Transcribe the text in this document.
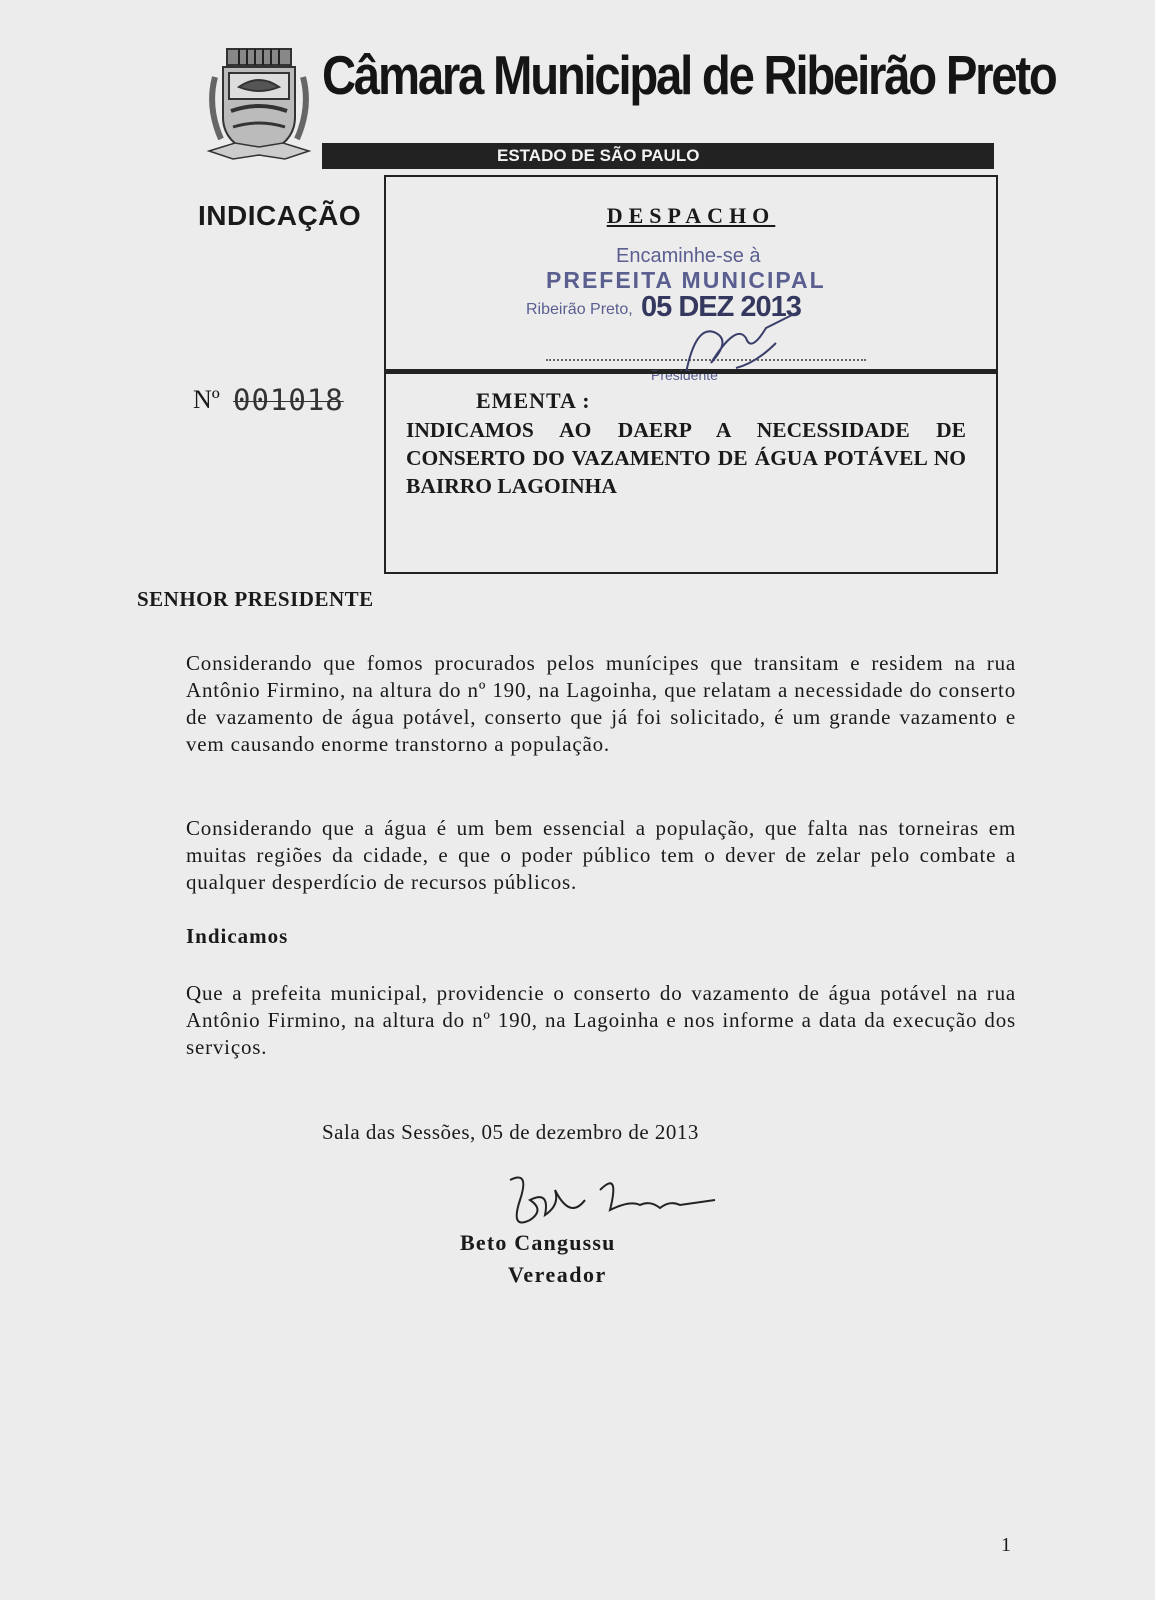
Câmara Municipal de Ribeirão Preto
ESTADO DE SÃO PAULO
INDICAÇÃO
Nº 001018
DESPACHO
Encaminhe-se à
PREFEITA MUNICIPAL
Ribeirão Preto, 05 DEZ 2013
Presidente
EMENTA :
INDICAMOS AO DAERP A NECESSIDADE DE CONSERTO DO VAZAMENTO DE ÁGUA POTÁVEL NO BAIRRO LAGOINHA
SENHOR PRESIDENTE
Considerando que fomos procurados pelos munícipes que transitam e residem na rua Antônio Firmino, na altura do nº 190, na Lagoinha, que relatam a necessidade do conserto de vazamento de água potável, conserto que já foi solicitado, é um grande vazamento e vem causando enorme transtorno a população.
Considerando que a água é um bem essencial a população, que falta nas torneiras em muitas regiões da cidade, e que o poder público tem o dever de zelar pelo combate a qualquer desperdício de recursos públicos.
Indicamos
Que a prefeita municipal, providencie o conserto do vazamento de água potável na rua Antônio Firmino, na altura do nº 190, na Lagoinha e nos informe a data da execução dos serviços.
Sala das Sessões, 05 de dezembro de 2013
Beto Cangussu
Vereador
1
